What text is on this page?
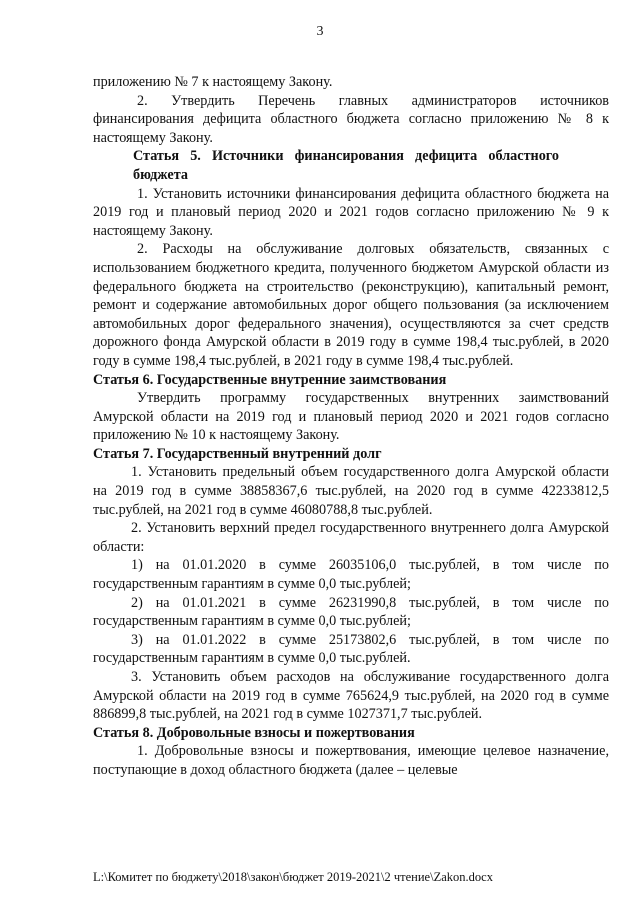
3

приложению № 7 к настоящему Закону.

2. Утвердить Перечень главных администраторов источников финансирования дефицита областного бюджета согласно приложению № 8 к настоящему Закону.

Статья 5. Источники финансирования дефицита областного бюджета

1. Установить источники финансирования дефицита областного бюджета на 2019 год и плановый период 2020 и 2021 годов согласно приложению № 9 к настоящему Закону.

2. Расходы на обслуживание долговых обязательств, связанных с использованием бюджетного кредита, полученного бюджетом Амурской области из федерального бюджета на строительство (реконструкцию), капитальный ремонт, ремонт и содержание автомобильных дорог общего пользования (за исключением автомобильных дорог федерального значения), осуществляются за счет средств дорожного фонда Амурской области в 2019 году в сумме 198,4 тыс.рублей, в 2020 году в сумме 198,4 тыс.рублей, в 2021 году в сумме 198,4 тыс.рублей.

Статья 6. Государственные внутренние заимствования

Утвердить программу государственных внутренних заимствований Амурской области на 2019 год и плановый период 2020 и 2021 годов согласно приложению № 10 к настоящему Закону.

Статья 7. Государственный внутренний долг

1. Установить предельный объем государственного долга Амурской области на 2019 год в сумме 38858367,6 тыс.рублей, на 2020 год в сумме 42233812,5 тыс.рублей, на 2021 год в сумме 46080788,8 тыс.рублей.

2. Установить верхний предел государственного внутреннего долга Амурской области:

1) на 01.01.2020 в сумме 26035106,0 тыс.рублей, в том числе по государственным гарантиям в сумме 0,0 тыс.рублей;

2) на 01.01.2021 в сумме 26231990,8 тыс.рублей, в том числе по государственным гарантиям в сумме 0,0 тыс.рублей;

3) на 01.01.2022 в сумме 25173802,6 тыс.рублей, в том числе по государственным гарантиям в сумме 0,0 тыс.рублей.

3. Установить объем расходов на обслуживание государственного долга Амурской области на 2019 год в сумме 765624,9 тыс.рублей, на 2020 год в сумме 886899,8 тыс.рублей, на 2021 год в сумме 1027371,7 тыс.рублей.

Статья 8. Добровольные взносы и пожертвования

1. Добровольные взносы и пожертвования, имеющие целевое назначение, поступающие в доход областного бюджета (далее – целевые

L:\Комитет по бюджету\2018\закон\бюджет 2019-2021\2 чтение\Zakon.docx
